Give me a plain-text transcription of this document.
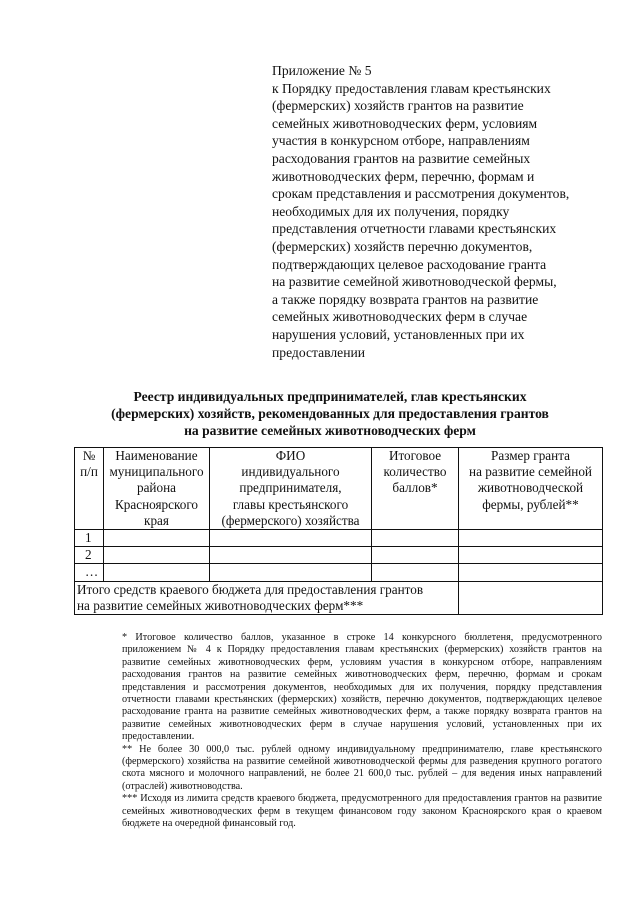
Приложение № 5
к Порядку предоставления главам крестьянских
(фермерских) хозяйств грантов на развитие
семейных животноводческих ферм, условиям
участия в конкурсном отборе, направлениям
расходования грантов на развитие семейных
животноводческих ферм, перечню, формам и
срокам представления и рассмотрения документов,
необходимых для их получения, порядку
представления отчетности главами крестьянских
(фермерских) хозяйств перечню документов,
подтверждающих целевое расходование гранта
на развитие семейной животноводческой фермы,
а также порядку возврата грантов на развитие
семейных животноводческих ферм в случае
нарушения условий, установленных при их
предоставлении
Реестр индивидуальных предпринимателей, глав крестьянских
(фермерских) хозяйств, рекомендованных для предоставления грантов
на развитие семейных животноводческих ферм
№
п/п	Наименование
муниципального
района
Красноярского
края	ФИО
индивидуального
предпринимателя,
главы крестьянского
(фермерского) хозяйства	Итоговое
количество
баллов*	Размер гранта
на развитие семейной
животноводческой
фермы, рублей**

1				
2				
…				

Итого средств краевого бюджета для предоставления грантов
на развитие семейных животноводческих ферм***				

* Итоговое количество баллов, указанное в строке 14 конкурсного бюллетеня, предусмотренного приложением № 4 к Порядку предоставления главам крестьянских (фермерских) хозяйств грантов на развитие семейных животноводческих ферм, условиям участия в конкурсном отборе, направлениям расходования грантов на развитие семейных животноводческих ферм, перечню, формам и срокам представления и рассмотрения документов, необходимых для их получения, порядку представления отчетности главами крестьянских (фермерских) хозяйств, перечню документов, подтверждающих целевое расходование гранта на развитие семейных животноводческих ферм, а также порядку возврата грантов на развитие семейных животноводческих ферм в случае нарушения условий, установленных при их предоставлении.

** Не более 30 000,0 тыс. рублей одному индивидуальному предпринимателю, главе крестьянского (фермерского) хозяйства на развитие семейной животноводческой фермы для разведения крупного рогатого скота мясного и молочного направлений, не более 21 600,0 тыс. рублей – для ведения иных направлений (отраслей) животноводства.

*** Исходя из лимита средств краевого бюджета, предусмотренного для предоставления грантов на развитие семейных животноводческих ферм в текущем финансовом году законом Красноярского края о краевом бюджете на очередной финансовый год.
